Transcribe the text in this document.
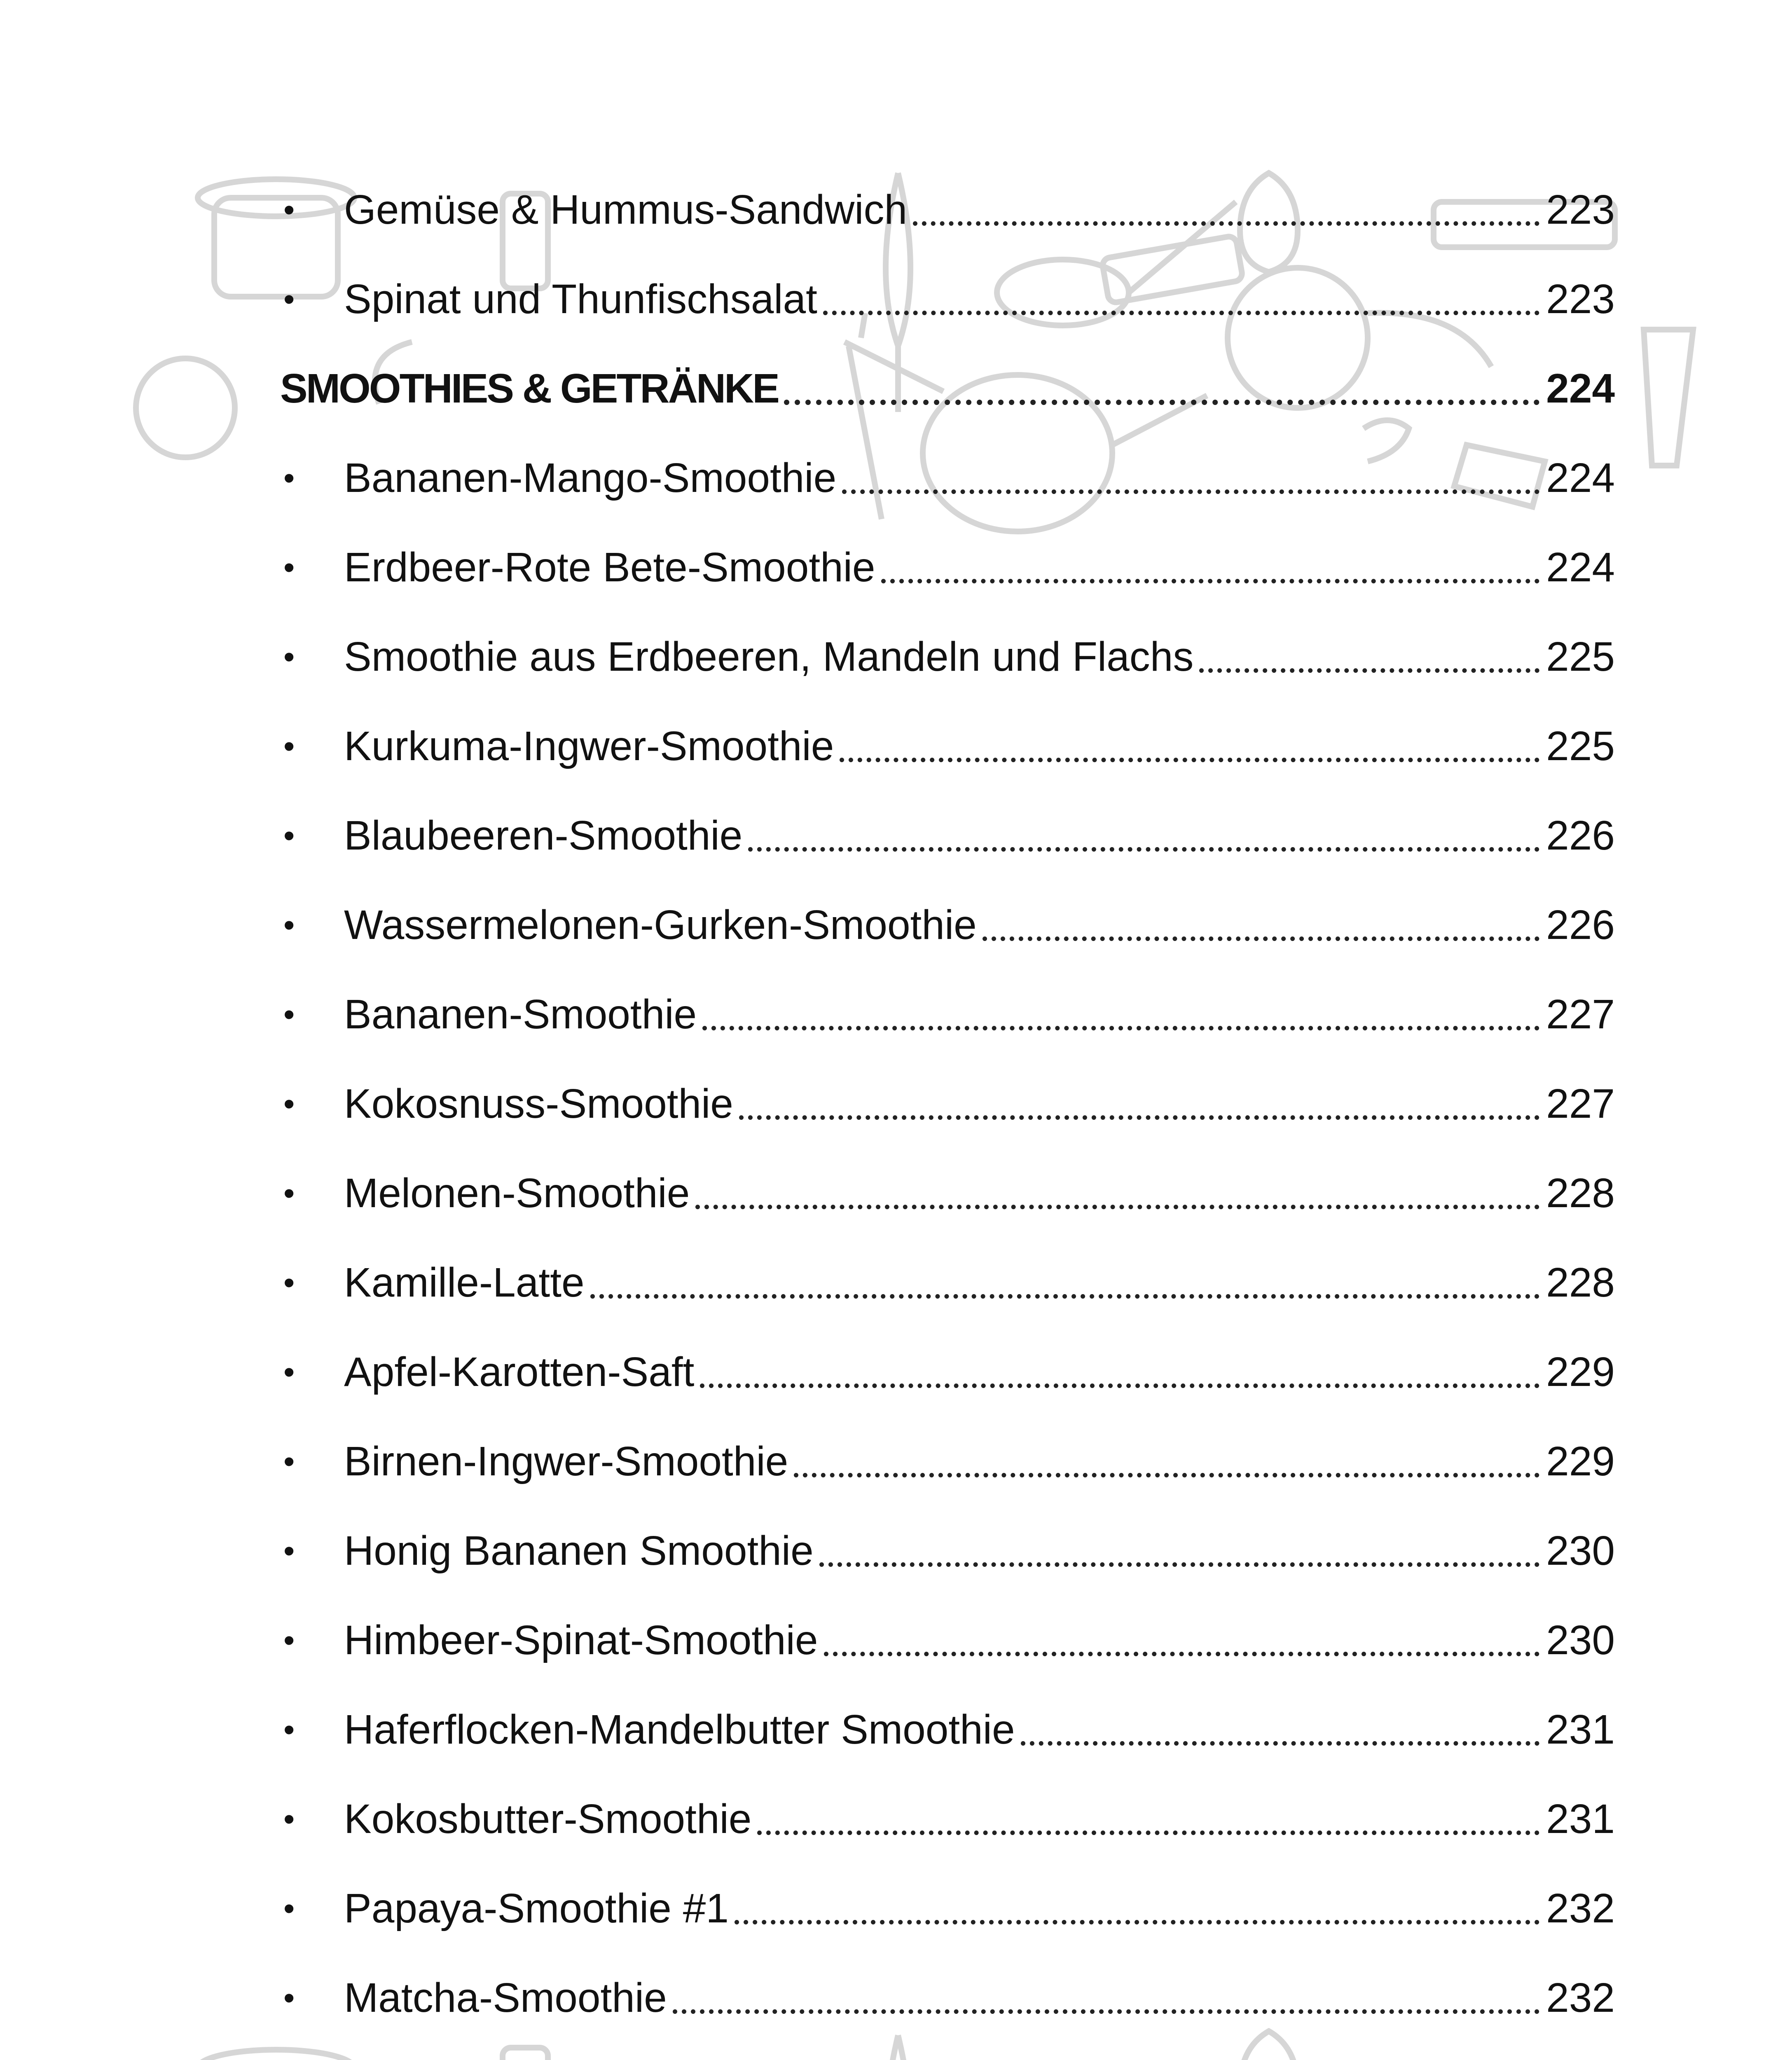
•	Gemüse & Hummus-Sandwich	223
•	Spinat und Thunfischsalat	223
SMOOTHIES & GETRÄNKE	224
•	Bananen-Mango-Smoothie	224
•	Erdbeer-Rote Bete-Smoothie	224
•	Smoothie aus Erdbeeren, Mandeln und Flachs	225
•	Kurkuma-Ingwer-Smoothie	225
•	Blaubeeren-Smoothie	226
•	Wassermelonen-Gurken-Smoothie	226
•	Bananen-Smoothie	227
•	Kokosnuss-Smoothie	227
•	Melonen-Smoothie	228
•	Kamille-Latte	228
•	Apfel-Karotten-Saft	229
•	Birnen-Ingwer-Smoothie	229
•	Honig Bananen Smoothie	230
•	Himbeer-Spinat-Smoothie	230
•	Haferflocken-Mandelbutter Smoothie	231
•	Kokosbutter-Smoothie	231
•	Papaya-Smoothie #1	232
•	Matcha-Smoothie	232
